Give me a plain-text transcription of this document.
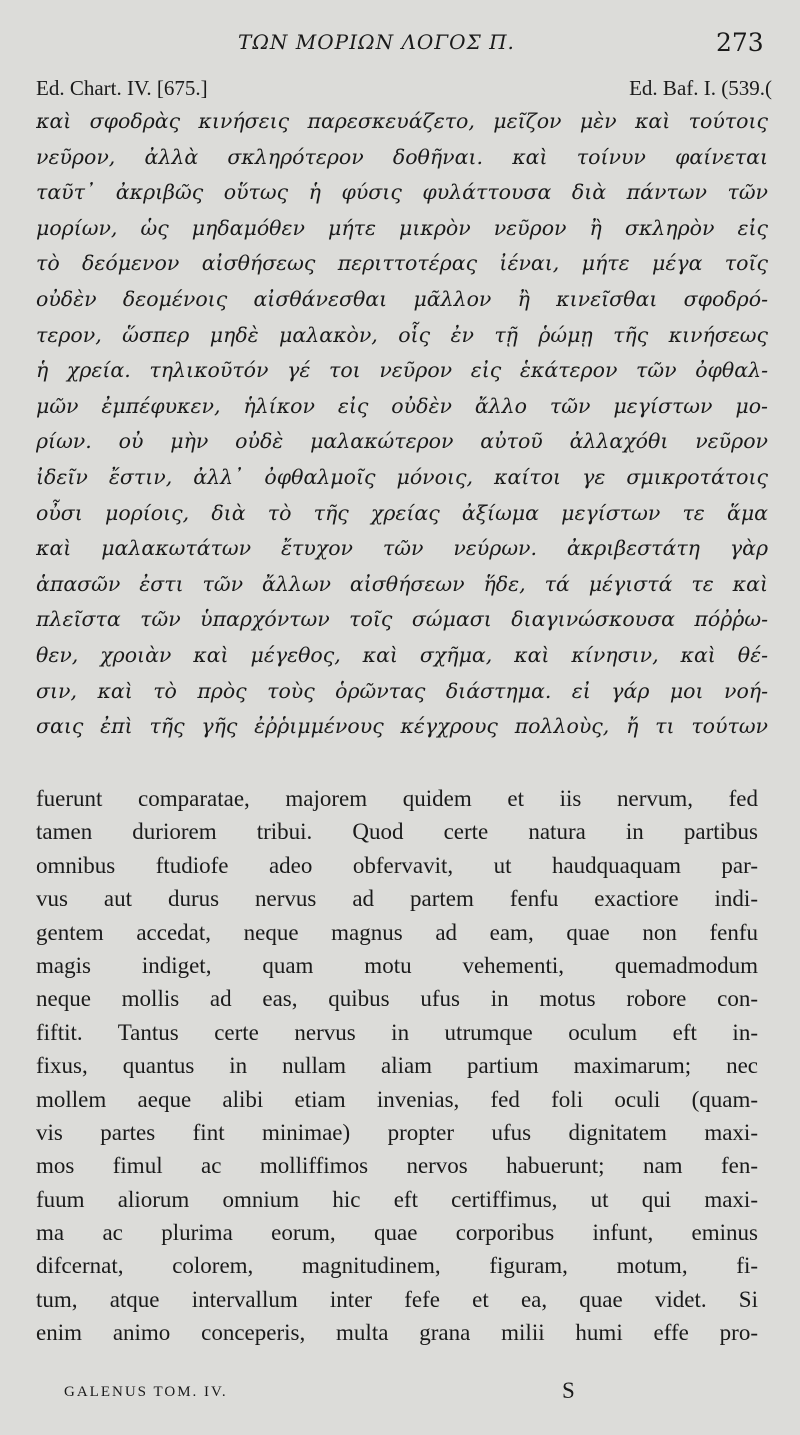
ΤΩΝ ΜΟΡΙΩΝ ΛΟΓΟΣ Π.	273
Ed. Chart. IV. [675.]	Ed. Baf. I. (539.(
καὶ σφοδρὰς κινήσεις παρεσκευάζετο, μεῖζον μὲν καὶ τούτοις
νεῦρον, ἀλλὰ σκληρότερον δοθῆναι. καὶ τοίνυν φαίνεται
ταῦτ᾽ ἀκριβῶς οὕτως ἡ φύσις φυλάττουσα διὰ πάντων τῶν
μορίων, ὡς μηδαμόθεν μήτε μικρὸν νεῦρον ἢ σκληρὸν εἰς
τὸ δεόμενον αἰσθήσεως περιττοτέρας ἰέναι, μήτε μέγα τοῖς
οὐδὲν δεομένοις αἰσθάνεσθαι μᾶλλον ἢ κινεῖσθαι σφοδρό-
τερον, ὥσπερ μηδὲ μαλακὸν, οἷς ἐν τῇ ῥώμῃ τῆς κινήσεως
ἡ χρεία. τηλικοῦτόν γέ τοι νεῦρον εἰς ἑκάτερον τῶν ὀφθαλ-
μῶν ἐμπέφυκεν, ἡλίκον εἰς οὐδὲν ἄλλο τῶν μεγίστων μο-
ρίων. οὐ μὴν οὐδὲ μαλακώτερον αὐτοῦ ἀλλαχόθι νεῦρον
ἰδεῖν ἔστιν, ἀλλ᾽ ὀφθαλμοῖς μόνοις, καίτοι γε σμικροτάτοις
οὖσι μορίοις, διὰ τὸ τῆς χρείας ἀξίωμα μεγίστων τε ἅμα
καὶ μαλακωτάτων ἔτυχον τῶν νεύρων. ἀκριβεστάτη γὰρ
ἁπασῶν ἐστι τῶν ἄλλων αἰσθήσεων ἥδε, τά μέγιστά τε καὶ
πλεῖστα τῶν ὑπαρχόντων τοῖς σώμασι διαγινώσκουσα πόῤῥω-
θεν, χροιὰν καὶ μέγεθος, καὶ σχῆμα, καὶ κίνησιν, καὶ θέ-
σιν, καὶ τὸ πρὸς τοὺς ὁρῶντας διάστημα. εἰ γάρ μοι νοή-
σαις ἐπὶ τῆς γῆς ἐῤῥιμμένους κέγχρους πολλοὺς, ἤ τι τούτων
fuerunt comparatae, majorem quidem et iis nervum, fed
tamen duriorem tribui. Quod certe natura in partibus
omnibus ftudiofe adeo obfervavit, ut haudquaquam par-
vus aut durus nervus ad partem fenfu exactiore indi-
gentem accedat, neque magnus ad eam, quae non fenfu
magis indiget, quam motu vehementi, quemadmodum
neque mollis ad eas, quibus ufus in motus robore con-
fiftit. Tantus certe nervus in utrumque oculum eft in-
fixus, quantus in nullam aliam partium maximarum; nec
mollem aeque alibi etiam invenias, fed foli oculi (quam-
vis partes fint minimae) propter ufus dignitatem maxi-
mos fimul ac molliffimos nervos habuerunt; nam fen-
fuum aliorum omnium hic eft certiffimus, ut qui maxi-
ma ac plurima eorum, quae corporibus infunt, eminus
difcernat, colorem, magnitudinem, figuram, motum, fi-
tum, atque intervallum inter fefe et ea, quae videt. Si
enim animo conceperis, multa grana milii humi effe pro-
GALENUS TOM. IV.	S
